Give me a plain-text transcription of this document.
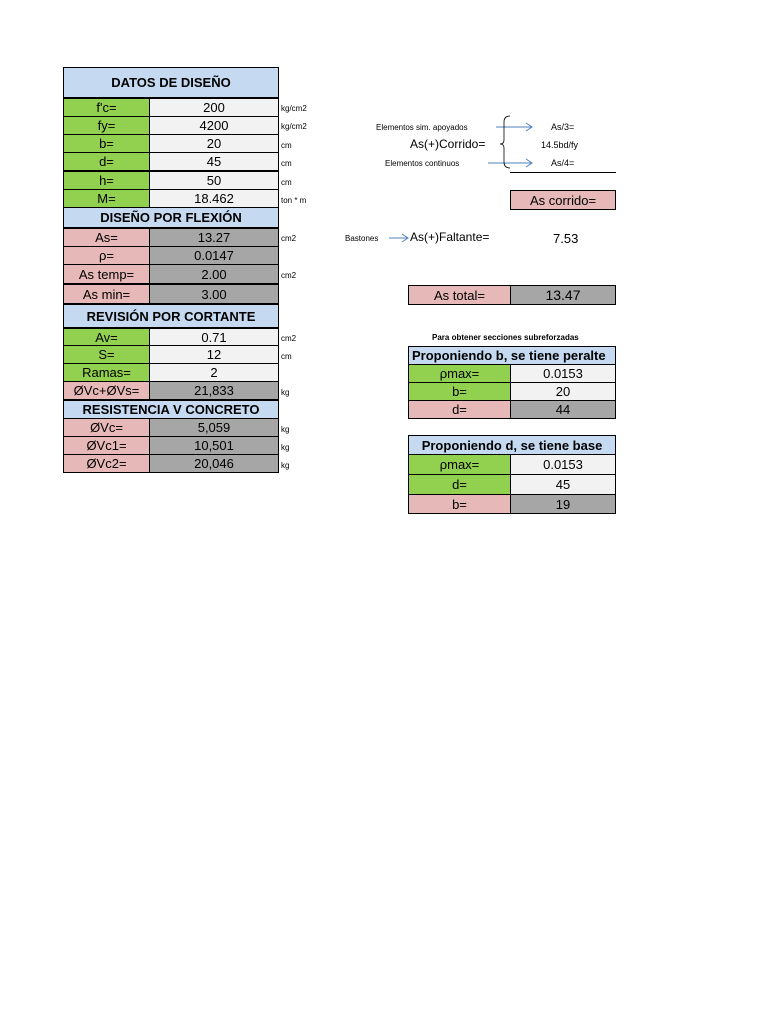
DATOS DE DISEÑO
f'c=	200	kg/cm2
fy=	4200	kg/cm2
b=	20	cm
d=	45	cm
h=	50	cm
M=	18.462	ton * m
DISEÑO POR FLEXIÓN
As=	13.27	cm2
ρ=	0.0147
As temp=	2.00	cm2
As min=	3.00
REVISIÓN POR CORTANTE
Av=	0.71	cm2
S=	12	cm
Ramas=	2
ØVc+ØVs=	21,833	kg
RESISTENCIA V CONCRETO
ØVc=	5,059	kg
ØVc1=	10,501	kg
ØVc2=	20,046	kg
Elementos sim. apoyados
Elementos continuos
As(+)Corrido=
As/3=
14.5bd/fy
As/4=
As corrido=
Bastones	As(+)Faltante=	7.53
As total=	13.47
Para obtener secciones subreforzadas
Proponiendo b, se tiene peralte
ρmax=	0.0153
b=	20
d=	44
Proponiendo d, se tiene base
ρmax=	0.0153
d=	45
b=	19
